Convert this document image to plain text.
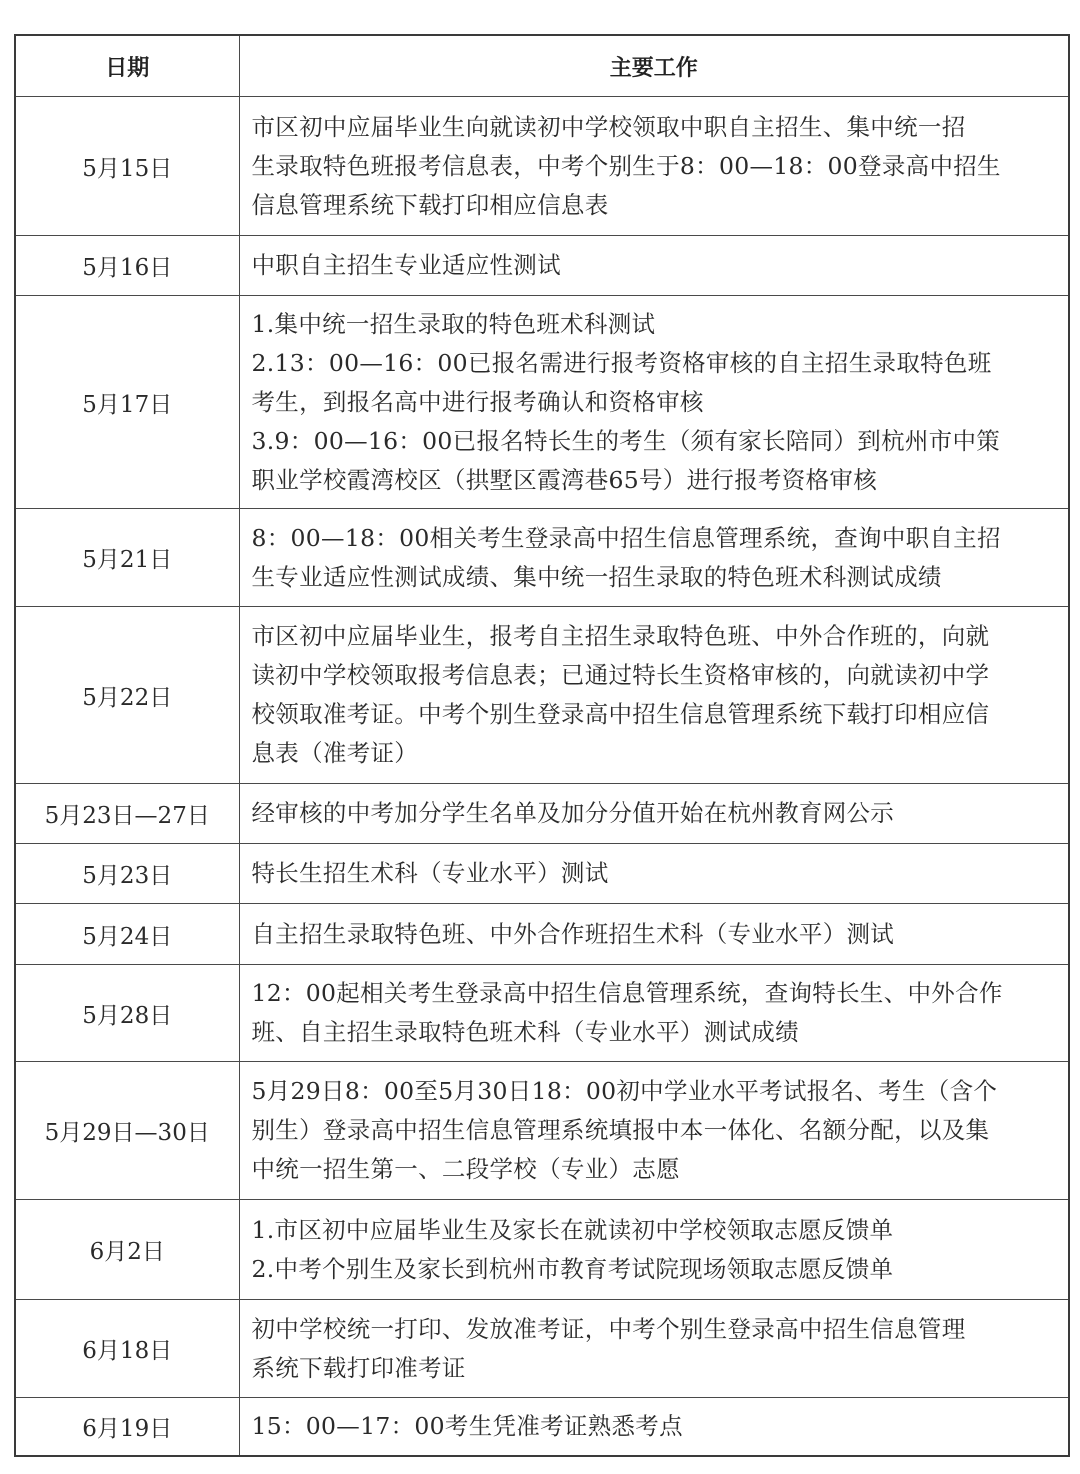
日期	主要工作
5月15日	市区初中应届毕业生向就读初中学校领取中职自主招生、集中统一招
生录取特色班报考信息表，中考个别生于8：00—18：00登录高中招生
信息管理系统下载打印相应信息表

5月16日	中职自主招生专业适应性测试

5月17日	1.集中统一招生录取的特色班术科测试
2.13：00—16：00已报名需进行报考资格审核的自主招生录取特色班
考生，到报名高中进行报考确认和资格审核
3.9：00—16：00已报名特长生的考生（须有家长陪同）到杭州市中策
职业学校霞湾校区（拱墅区霞湾巷65号）进行报考资格审核

5月21日	8：00—18：00相关考生登录高中招生信息管理系统，查询中职自主招
生专业适应性测试成绩、集中统一招生录取的特色班术科测试成绩

5月22日	市区初中应届毕业生，报考自主招生录取特色班、中外合作班的，向就
读初中学校领取报考信息表；已通过特长生资格审核的，向就读初中学
校领取准考证。中考个别生登录高中招生信息管理系统下载打印相应信
息表（准考证）

5月23日—27日	经审核的中考加分学生名单及加分分值开始在杭州教育网公示

5月23日	特长生招生术科（专业水平）测试

5月24日	自主招生录取特色班、中外合作班招生术科（专业水平）测试

5月28日	12：00起相关考生登录高中招生信息管理系统，查询特长生、中外合作
班、自主招生录取特色班术科（专业水平）测试成绩

5月29日—30日	5月29日8：00至5月30日18：00初中学业水平考试报名、考生（含个
别生）登录高中招生信息管理系统填报中本一体化、名额分配，以及集
中统一招生第一、二段学校（专业）志愿

6月2日	1.市区初中应届毕业生及家长在就读初中学校领取志愿反馈单
2.中考个别生及家长到杭州市教育考试院现场领取志愿反馈单

6月18日	初中学校统一打印、发放准考证，中考个别生登录高中招生信息管理
系统下载打印准考证

6月19日	15：00—17：00考生凭准考证熟悉考点
